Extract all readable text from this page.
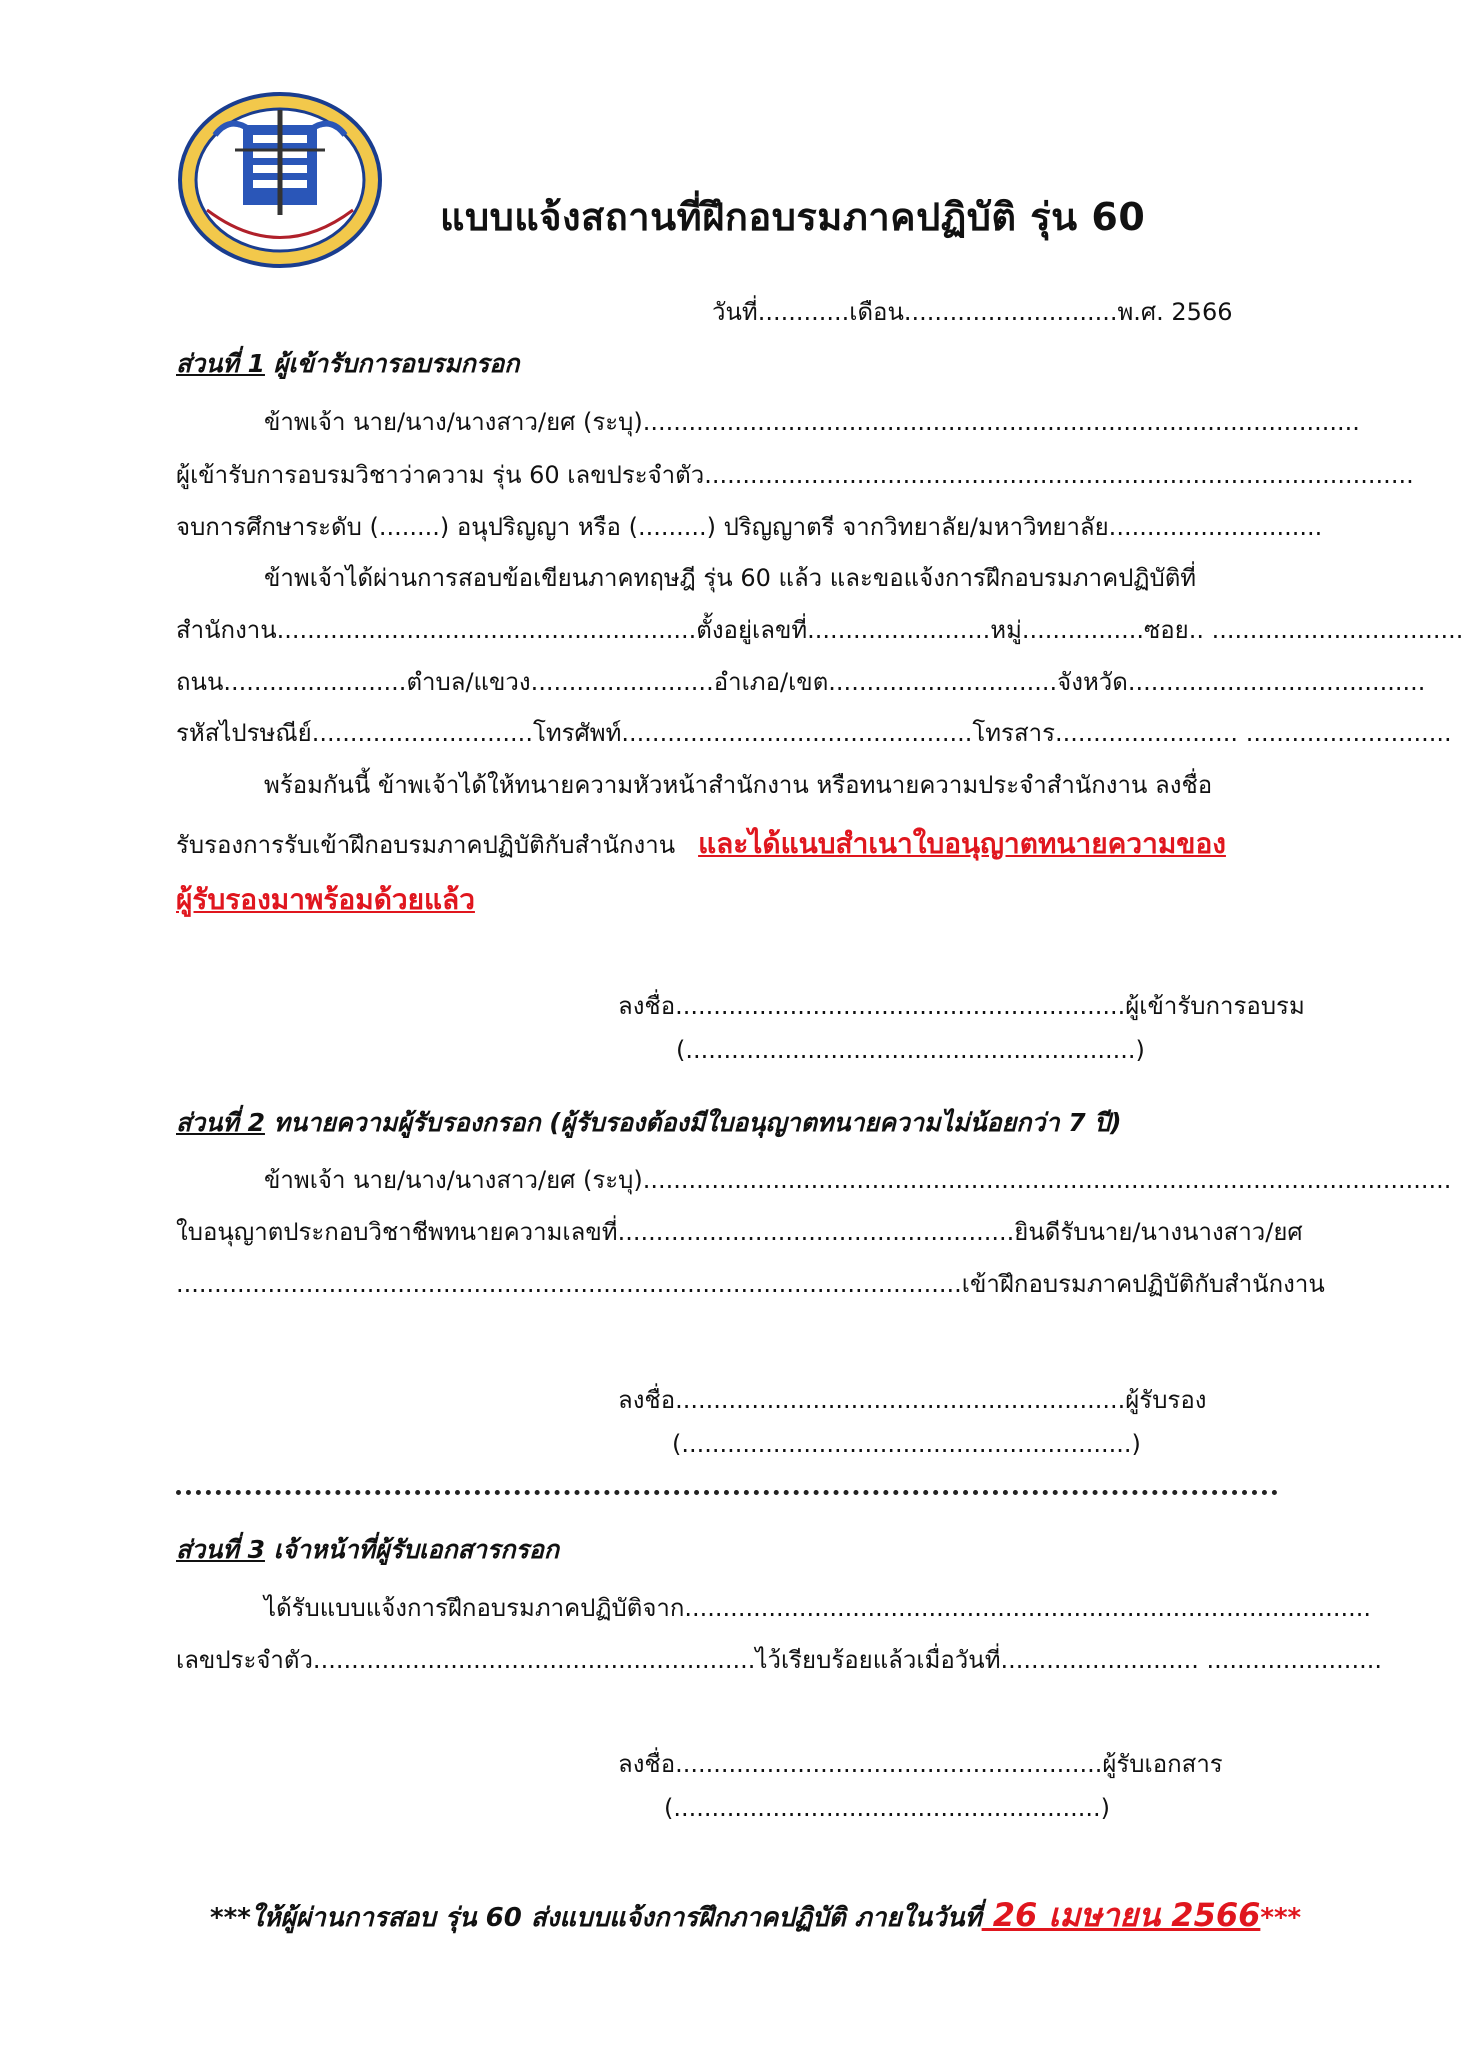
แบบแจ้งสถานที่ฝึกอบรมภาคปฏิบัติ รุ่น 60
วันที่............เดือน............................พ.ศ. 2566
ส่วนที่ 1 ผู้เข้ารับการอบรมกรอก
ข้าพเจ้า นาย/นาง/นางสาว/ยศ (ระบุ)..............................................................................................
ผู้เข้ารับการอบรมวิชาว่าความ รุ่น 60 เลขประจำตัว.............................................................................................
จบการศึกษาระดับ (........) อนุปริญญา หรือ (.........) ปริญญาตรี จากวิทยาลัย/มหาวิทยาลัย............................
ข้าพเจ้าได้ผ่านการสอบข้อเขียนภาคทฤษฎี รุ่น 60 แล้ว และขอแจ้งการฝึกอบรมภาคปฏิบัติที่
สำนักงาน.......................................................ตั้งอยู่เลขที่........................หมู่................ซอย.. .................................
ถนน........................ตำบล/แขวง........................อำเภอ/เขต..............................จังหวัด.......................................
รหัสไปรษณีย์.............................โทรศัพท์..............................................โทรสาร........................ ...........................
พร้อมกันนี้ ข้าพเจ้าได้ให้ทนายความหัวหน้าสำนักงาน หรือทนายความประจำสำนักงาน ลงชื่อ
รับรองการรับเข้าฝึกอบรมภาคปฏิบัติกับสำนักงาน และได้แนบสำเนาใบอนุญาตทนายความของ
ผู้รับรองมาพร้อมด้วยแล้ว
ลงชื่อ...........................................................ผู้เข้ารับการอบรม
(...........................................................)
ส่วนที่ 2 ทนายความผู้รับรองกรอก (ผู้รับรองต้องมีใบอนุญาตทนายความไม่น้อยกว่า 7 ปี)
ข้าพเจ้า นาย/นาง/นางสาว/ยศ (ระบุ)..........................................................................................................
ใบอนุญาตประกอบวิชาชีพทนายความเลขที่....................................................ยินดีรับนาย/นางนางสาว/ยศ
.......................................................................................................เข้าฝึกอบรมภาคปฏิบัติกับสำนักงาน
ลงชื่อ...........................................................ผู้รับรอง
(...........................................................)
ส่วนที่ 3 เจ้าหน้าที่ผู้รับเอกสารกรอก
ได้รับแบบแจ้งการฝึกอบรมภาคปฏิบัติจาก..........................................................................................
เลขประจำตัว..........................................................ไว้เรียบร้อยแล้วเมื่อวันที่.......................... .......................
ลงชื่อ........................................................ผู้รับเอกสาร
(........................................................)
***ให้ผู้ผ่านการสอบ รุ่น 60 ส่งแบบแจ้งการฝึกภาคปฏิบัติ ภายในวันที่ 26 เมษายน 2566***
